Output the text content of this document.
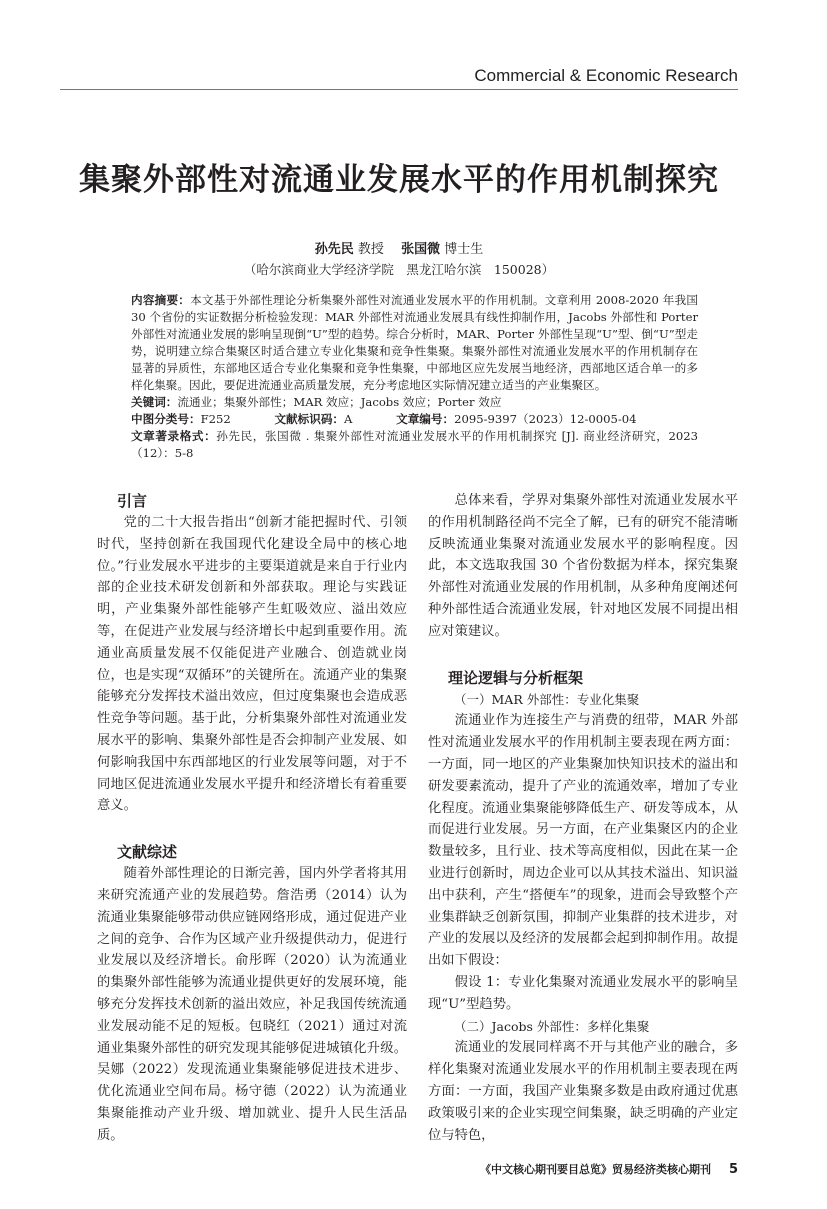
Commercial & Economic Research
集聚外部性对流通业发展水平的作用机制探究
孙先民 教授  张国微 博士生
（哈尔滨商业大学经济学院　黑龙江哈尔滨　150028）
内容摘要：本文基于外部性理论分析集聚外部性对流通业发展水平的作用机制。文章利用 2008-2020 年我国 30 个省份的实证数据分析检验发现：MAR 外部性对流通业发展具有线性抑制作用，Jacobs 外部性和 Porter 外部性对流通业发展的影响呈现倒“U”型的趋势。综合分析时，MAR、Porter 外部性呈现“U”型、倒“U”型走势，说明建立综合集聚区时适合建立专业化集聚和竞争性集聚。集聚外部性对流通业发展水平的作用机制存在显著的异质性，东部地区适合专业化集聚和竞争性集聚，中部地区应先发展当地经济，西部地区适合单一的多样化集聚。因此，要促进流通业高质量发展，充分考虑地区实际情况建立适当的产业集聚区。
关键词：流通业；集聚外部性；MAR 效应；Jacobs 效应；Porter 效应
中图分类号：F252	文献标识码：A	文章编号：2095-9397（2023）12-0005-04
文章著录格式：孙先民，张国微 . 集聚外部性对流通业发展水平的作用机制探究 [J]. 商业经济研究，2023（12）：5-8
引言

党的二十大报告指出“创新才能把握时代、引领时代，坚持创新在我国现代化建设全局中的核心地位。”行业发展水平进步的主要渠道就是来自于行业内部的企业技术研发创新和外部获取。理论与实践证明，产业集聚外部性能够产生虹吸效应、溢出效应等，在促进产业发展与经济增长中起到重要作用。流通业高质量发展不仅能促进产业融合、创造就业岗位，也是实现“双循环”的关键所在。流通产业的集聚能够充分发挥技术溢出效应，但过度集聚也会造成恶性竞争等问题。基于此，分析集聚外部性对流通业发展水平的影响、集聚外部性是否会抑制产业发展、如何影响我国中东西部地区的行业发展等问题，对于不同地区促进流通业发展水平提升和经济增长有着重要意义。

文献综述

随着外部性理论的日渐完善，国内外学者将其用来研究流通产业的发展趋势。詹浩勇（2014）认为流通业集聚能够带动供应链网络形成，通过促进产业之间的竞争、合作为区域产业升级提供动力，促进行业发展以及经济增长。俞彤晖（2020）认为流通业的集聚外部性能够为流通业提供更好的发展环境，能够充分发挥技术创新的溢出效应，补足我国传统流通业发展动能不足的短板。包晓红（2021）通过对流通业集聚外部性的研究发现其能够促进城镇化升级。吴娜（2022）发现流通业集聚能够促进技术进步、优化流通业空间布局。杨守德（2022）认为流通业集聚能推动产业升级、增加就业、提升人民生活品质。

总体来看，学界对集聚外部性对流通业发展水平的作用机制路径尚不完全了解，已有的研究不能清晰反映流通业集聚对流通业发展水平的影响程度。因此，本文选取我国 30 个省份数据为样本，探究集聚外部性对流通业发展的作用机制，从多种角度阐述何种外部性适合流通业发展，针对地区发展不同提出相应对策建议。

理论逻辑与分析框架
（一）MAR 外部性：专业化集聚

流通业作为连接生产与消费的纽带，MAR 外部性对流通业发展水平的作用机制主要表现在两方面：一方面，同一地区的产业集聚加快知识技术的溢出和研发要素流动，提升了产业的流通效率，增加了专业化程度。流通业集聚能够降低生产、研发等成本，从而促进行业发展。另一方面，在产业集聚区内的企业数量较多，且行业、技术等高度相似，因此在某一企业进行创新时，周边企业可以从其技术溢出、知识溢出中获利，产生“搭便车”的现象，进而会导致整个产业集群缺乏创新氛围，抑制产业集群的技术进步，对产业的发展以及经济的发展都会起到抑制作用。故提出如下假设：

假设 1：专业化集聚对流通业发展水平的影响呈现“U”型趋势。

（二）Jacobs 外部性：多样化集聚

流通业的发展同样离不开与其他产业的融合，多样化集聚对流通业发展水平的作用机制主要表现在两方面：一方面，我国产业集聚多数是由政府通过优惠政策吸引来的企业实现空间集聚，缺乏明确的产业定位与特色，

《中文核心期刊要目总览》贸易经济类核心期刊 5
